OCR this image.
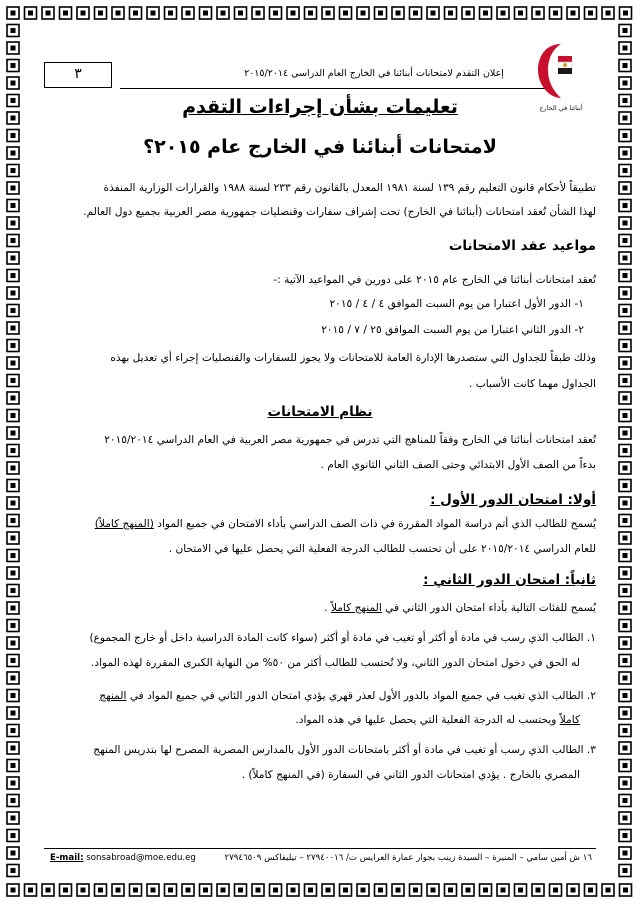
٣	إعلان التقدم لامتحانات أبنائنا في الخارج العام الدراسي ٢٠١٥/٢٠١٤
أبنائنا في الخارج
تعليمات بشأن إجراءات التقدم
لامتحانات أبنائنا في الخارج عام ٢٠١٥؟
تطبيقاً لأحكام قانون التعليم رقم ١٣٩ لسنة ١٩٨١ المعدل بالقانون رقم ٢٣٣ لسنة ١٩٨٨ والقرارات الوزارية المنفذة
لهذا الشأن تُعقد امتحانات (أبنائنا في الخارج) تحت إشراف سفارات وقنصليات جمهورية مصر العربية بجميع دول العالم.
مواعيد عقد الامتحانات
تُعقد امتحانات أبنائنا في الخارج عام ٢٠١٥ على دورين في المواعيد الآتية :-
١- الدور الأول اعتبارا من يوم السبت الموافق ٤ / ٤ / ٢٠١٥
٢- الدور الثاني اعتبارا من يوم السبت الموافق ٢٥ / ٧ / ٢٠١٥
وذلك طبقاً للجداول التي ستصدرها الإدارة العامة للامتحانات ولا يجوز للسفارات والقنصليات إجراء أي تعديل بهذه
الجداول مهما كانت الأسباب .
نظام الامتحانات
تُعقد امتحانات أبنائنا في الخارج وفقاً للمناهج التي تدرس في جمهورية مصر العربية في العام الدراسي ٢٠١٥/٢٠١٤
بدءاً من الصف الأول الابتدائي وحتى الصف الثاني الثانوي العام .
أولا: امتحان الدور الأول :
يُسمح للطالب الذي أتم دراسة المواد المقررة في ذات الصف الدراسي بأداء الامتحان في جميع المواد (المنهج كاملاً)
للعام الدراسي ٢٠١٥/٢٠١٤ على أن تحتسب للطالب الدرجة الفعلية التي يحصل عليها في الامتحان .
ثانياً: امتحان الدور الثاني :
يُسمح للفئات التالية بأداء امتحان الدور الثاني في المنهج كاملاً .
١. الطالب الذي رسب في مادة أو أكثر أو تغيب في مادة أو أكثر (سواء كانت المادة الدراسية داخل أو خارج المجموع)
له الحق في دخول امتحان الدور الثاني، ولا تُحتسب للطالب أكثر من ٥٠% من النهاية الكبرى المقررة لهذه المواد.
٢. الطالب الذي تغيب في جميع المواد بالدور الأول لعذر قهري يؤدي امتحان الدور الثاني في جميع المواد في المنهج
كاملاً ويحتسب له الدرجة الفعلية التي يحصل عليها في هذه المواد.
٣. الطالب الذي رسب أو تغيب في مادة أو أكثر بامتحانات الدور الأول بالمدارس المصرية المصرح لها بتدريس المنهج
المصري بالخارج . يؤدي امتحانات الدور الثاني في السفارة (في المنهج كاملاً) .
E-mail: sonsabroad@moe.edu.eg	١٦ ش أمين سامي – المنيرة – السيدة زينب بجوار عمارة العرايس ت/ ٢٧٩٤٠٠١٦ – تيليفاكس ٢٧٩٤٦٥٠٩
